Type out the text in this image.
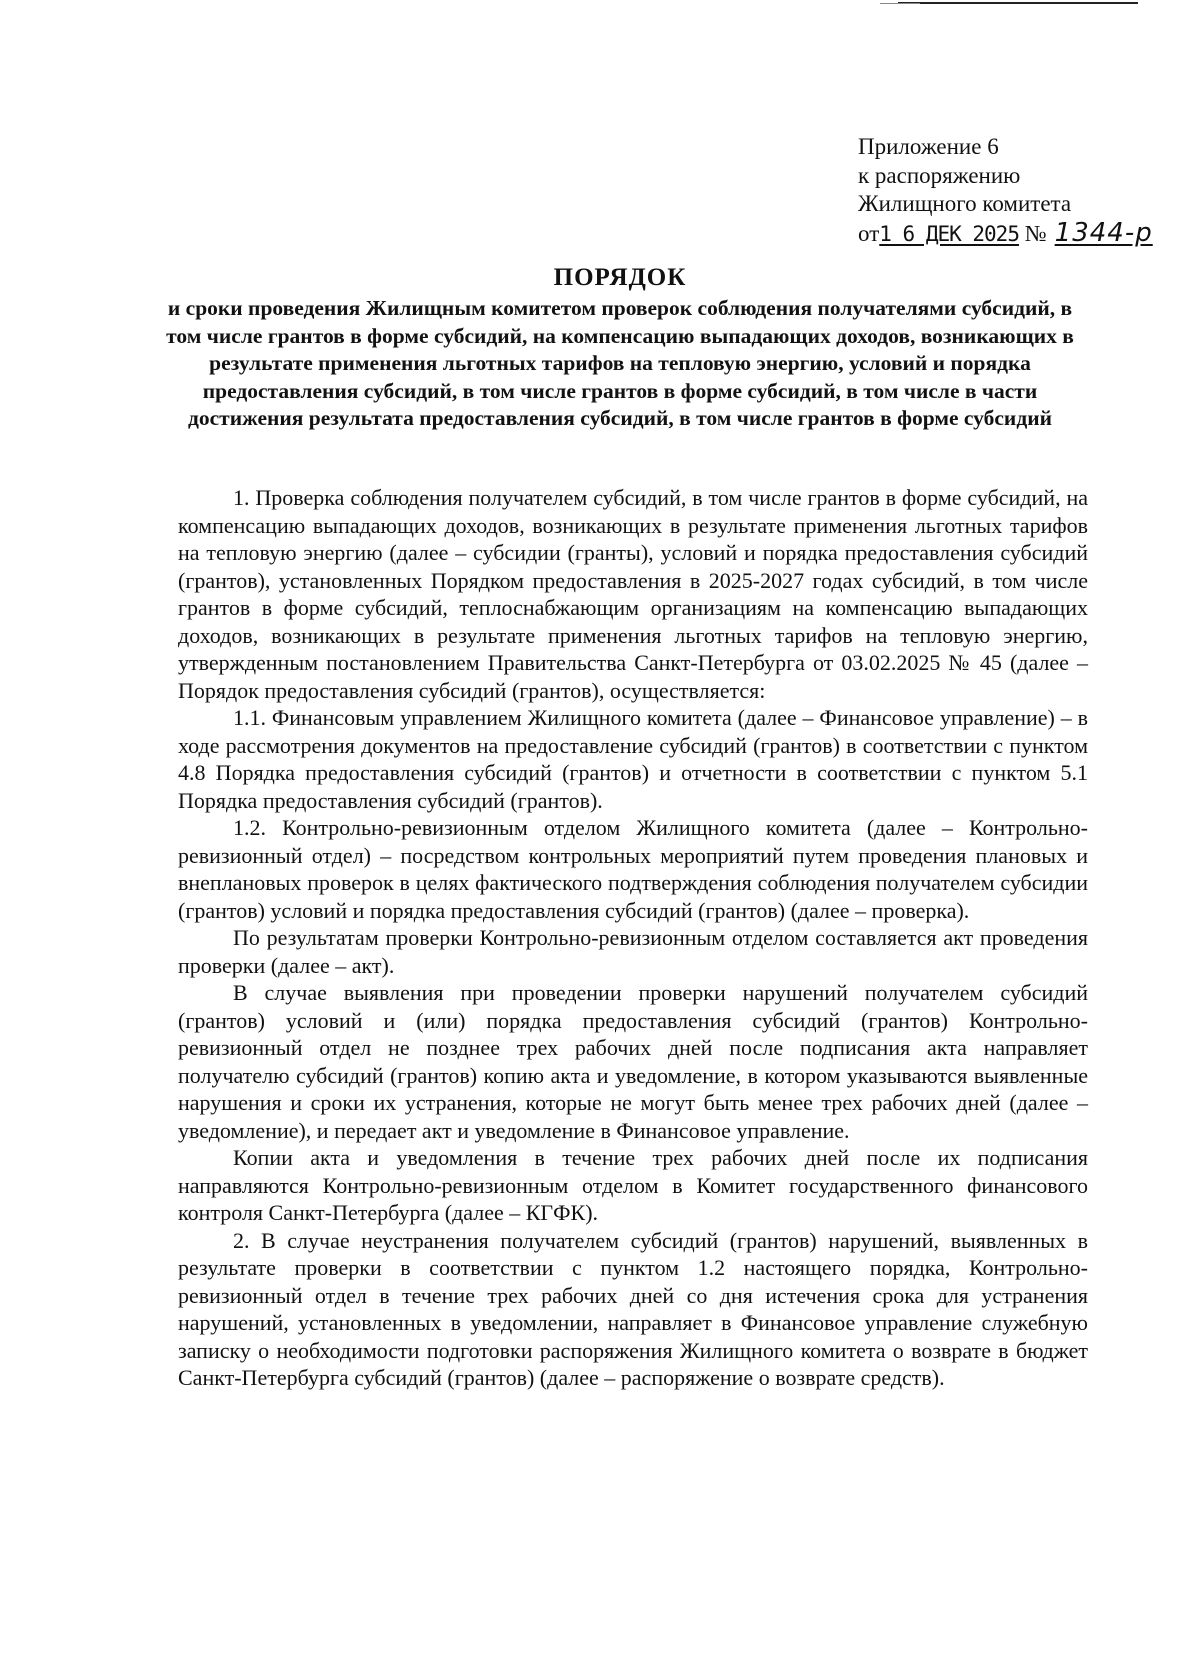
Приложение 6
к распоряжению
Жилищного комитета
от1 6 ДЕК 2025 № 1344-р
ПОРЯДОК
и сроки проведения Жилищным комитетом проверок соблюдения получателями субсидий, в том числе грантов в форме субсидий, на компенсацию выпадающих доходов, возникающих в результате применения льготных тарифов на тепловую энергию, условий и порядка предоставления субсидий, в том числе грантов в форме субсидий, в том числе в части достижения результата предоставления субсидий, в том числе грантов в форме субсидий

1. Проверка соблюдения получателем субсидий, в том числе грантов в форме субсидий, на компенсацию выпадающих доходов, возникающих в результате применения льготных тарифов на тепловую энергию (далее – субсидии (гранты), условий и порядка предоставления субсидий (грантов), установленных Порядком предоставления в 2025-2027 годах субсидий, в том числе грантов в форме субсидий, теплоснабжающим организациям на компенсацию выпадающих доходов, возникающих в результате применения льготных тарифов на тепловую энергию, утвержденным постановлением Правительства Санкт-Петербурга от 03.02.2025 № 45 (далее – Порядок предоставления субсидий (грантов), осуществляется:

1.1. Финансовым управлением Жилищного комитета (далее – Финансовое управление) – в ходе рассмотрения документов на предоставление субсидий (грантов) в соответствии с пунктом 4.8 Порядка предоставления субсидий (грантов) и отчетности в соответствии с пунктом 5.1 Порядка предоставления субсидий (грантов).

1.2. Контрольно-ревизионным отделом Жилищного комитета (далее – Контрольно-ревизионный отдел) – посредством контрольных мероприятий путем проведения плановых и внеплановых проверок в целях фактического подтверждения соблюдения получателем субсидии (грантов) условий и порядка предоставления субсидий (грантов) (далее – проверка).

По результатам проверки Контрольно-ревизионным отделом составляется акт проведения проверки (далее – акт).

В случае выявления при проведении проверки нарушений получателем субсидий (грантов) условий и (или) порядка предоставления субсидий (грантов) Контрольно-ревизионный отдел не позднее трех рабочих дней после подписания акта направляет получателю субсидий (грантов) копию акта и уведомление, в котором указываются выявленные нарушения и сроки их устранения, которые не могут быть менее трех рабочих дней (далее – уведомление), и передает акт и уведомление в Финансовое управление.

Копии акта и уведомления в течение трех рабочих дней после их подписания направляются Контрольно-ревизионным отделом в Комитет государственного финансового контроля Санкт-Петербурга (далее – КГФК).

2. В случае неустранения получателем субсидий (грантов) нарушений, выявленных в результате проверки в соответствии с пунктом 1.2 настоящего порядка, Контрольно-ревизионный отдел в течение трех рабочих дней со дня истечения срока для устранения нарушений, установленных в уведомлении, направляет в Финансовое управление служебную записку о необходимости подготовки распоряжения Жилищного комитета о возврате в бюджет Санкт-Петербурга субсидий (грантов) (далее – распоряжение о возврате средств).
